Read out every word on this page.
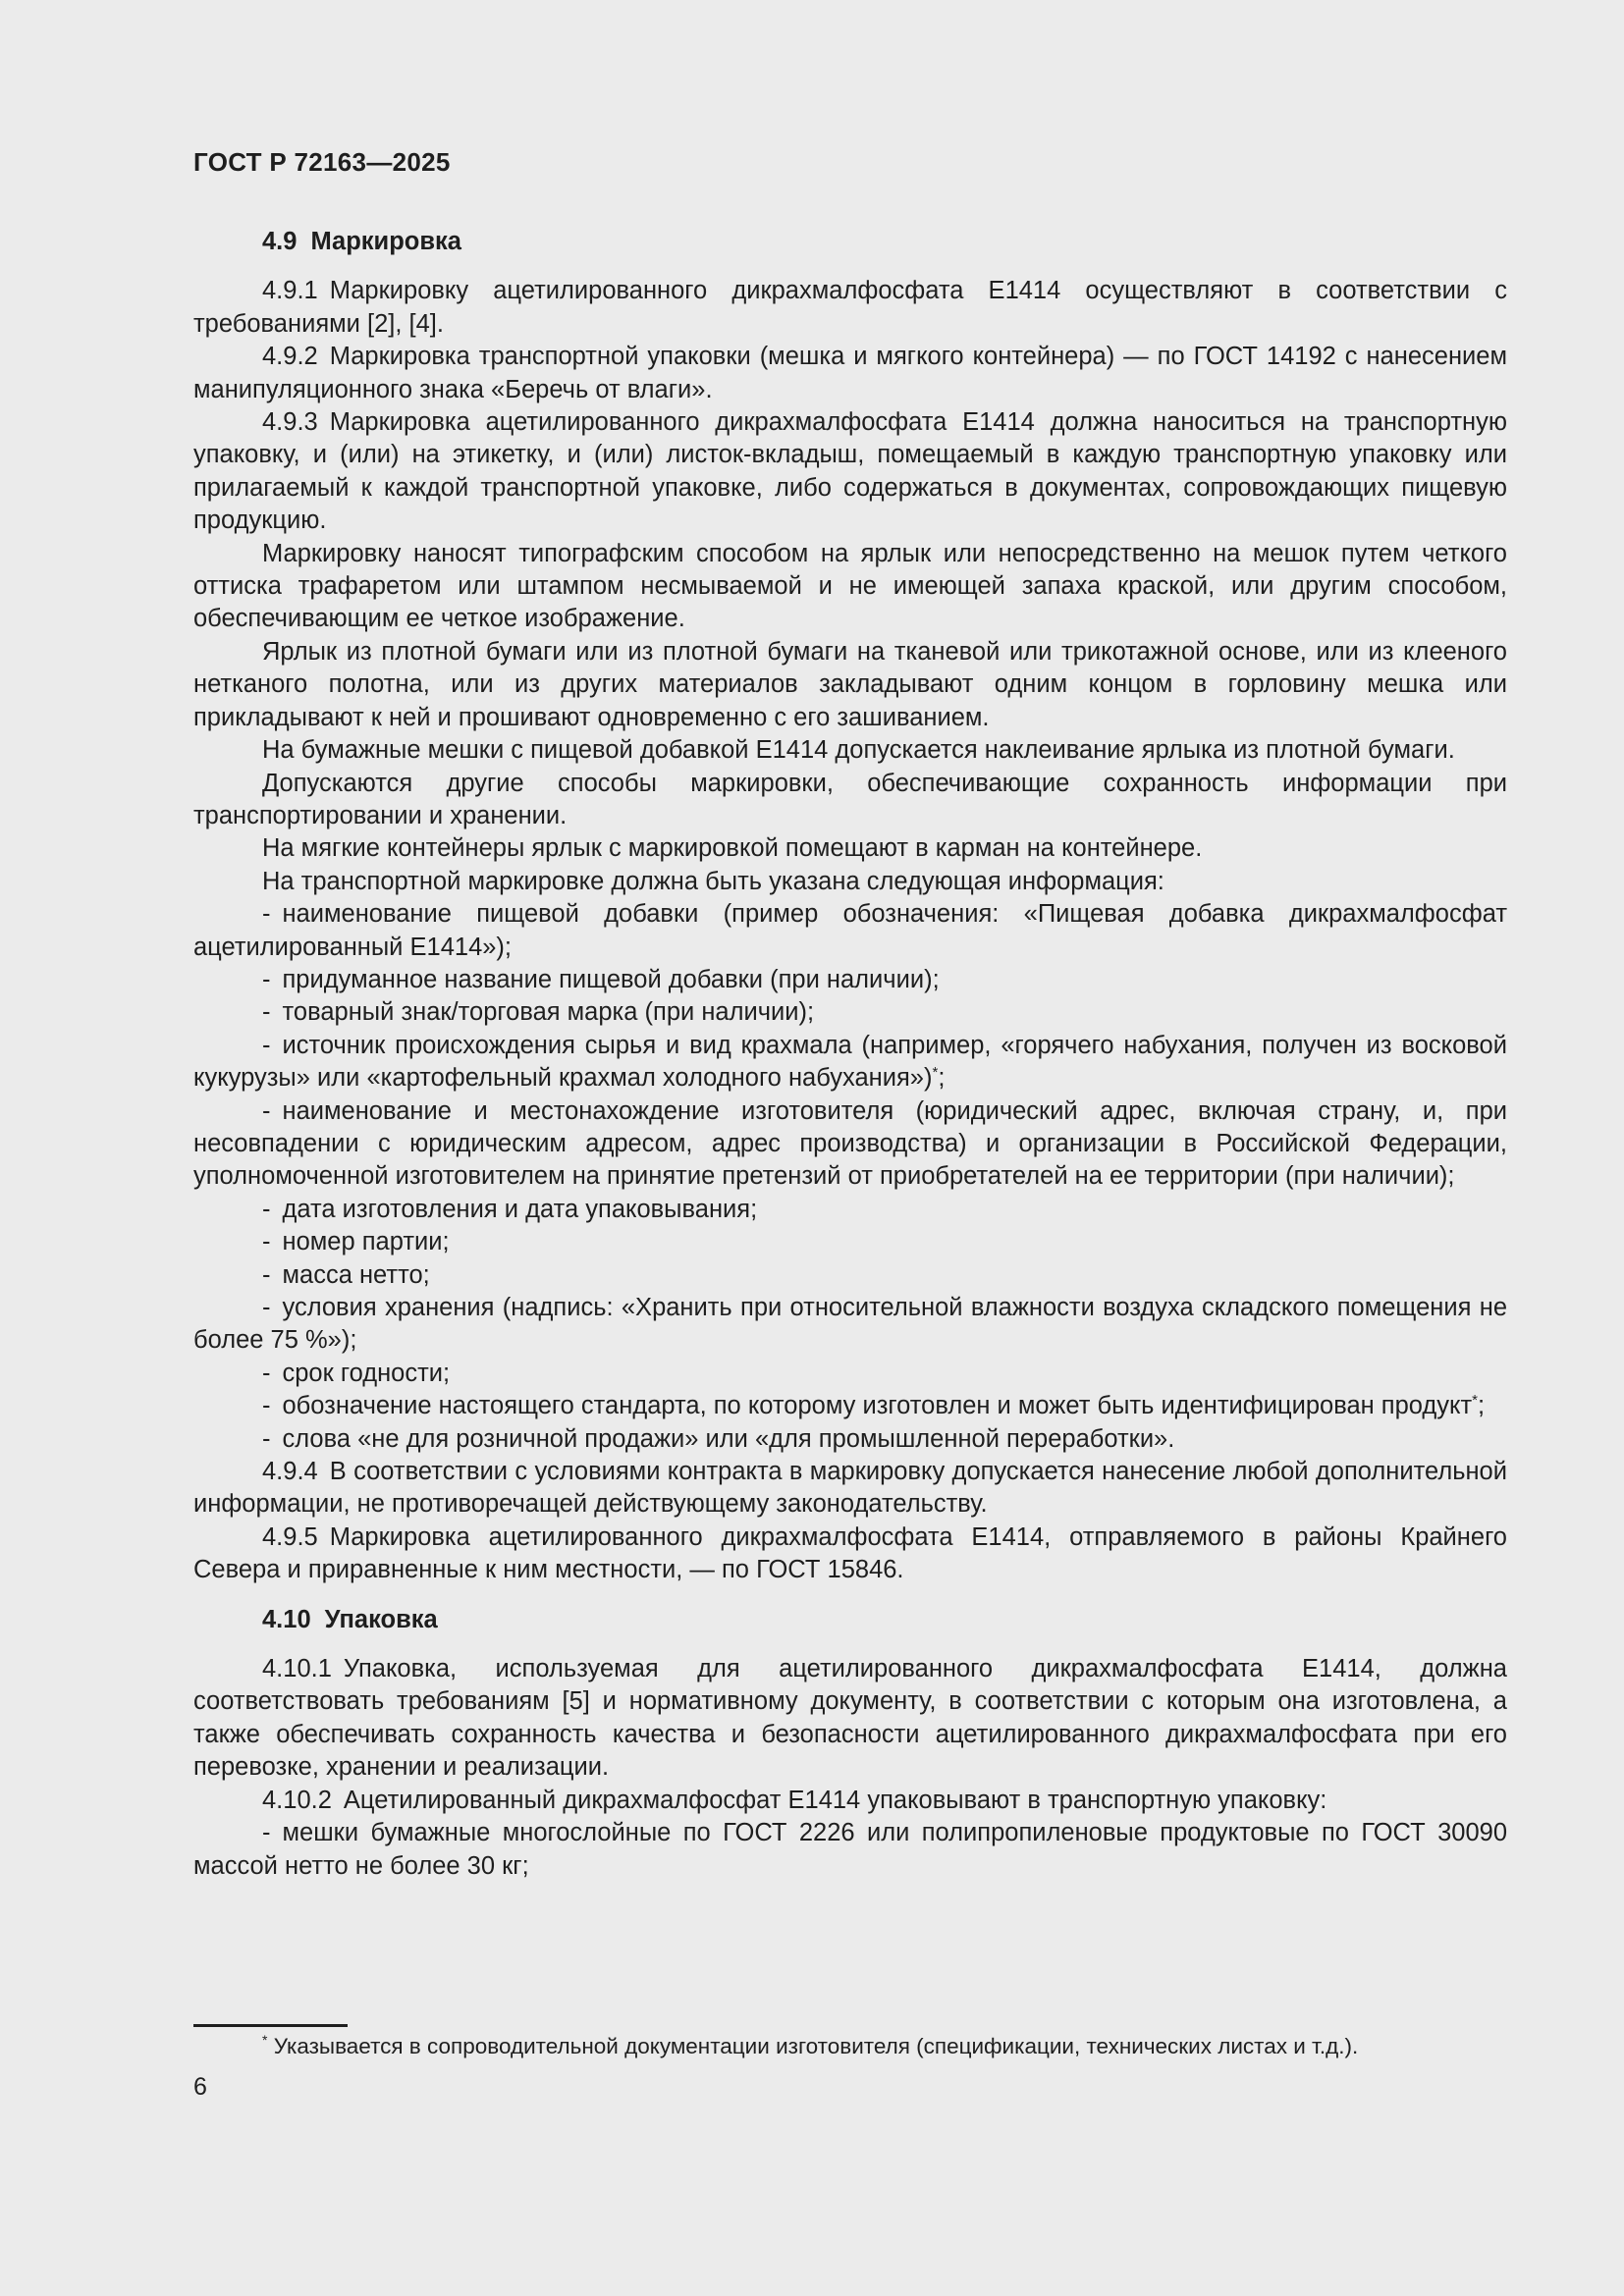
ГОСТ Р 72163—2025
4.9 Маркировка

4.9.1 Маркировку ацетилированного дикрахмалфосфата Е1414 осуществляют в соответствии с требованиями [2], [4].

4.9.2 Маркировка транспортной упаковки (мешка и мягкого контейнера) — по ГОСТ 14192 с нанесением манипуляционного знака «Беречь от влаги».

4.9.3 Маркировка ацетилированного дикрахмалфосфата Е1414 должна наноситься на транспортную упаковку, и (или) на этикетку, и (или) листок-вкладыш, помещаемый в каждую транспортную упаковку или прилагаемый к каждой транспортной упаковке, либо содержаться в документах, сопровождающих пищевую продукцию.

Маркировку наносят типографским способом на ярлык или непосредственно на мешок путем четкого оттиска трафаретом или штампом несмываемой и не имеющей запаха краской, или другим способом, обеспечивающим ее четкое изображение.

Ярлык из плотной бумаги или из плотной бумаги на тканевой или трикотажной основе, или из клееного нетканого полотна, или из других материалов закладывают одним концом в горловину мешка или прикладывают к ней и прошивают одновременно с его зашиванием.

На бумажные мешки с пищевой добавкой Е1414 допускается наклеивание ярлыка из плотной бумаги.

Допускаются другие способы маркировки, обеспечивающие сохранность информации при транспортировании и хранении.

На мягкие контейнеры ярлык с маркировкой помещают в карман на контейнере.

На транспортной маркировке должна быть указана следующая информация:

- наименование пищевой добавки (пример обозначения: «Пищевая добавка дикрахмалфосфат ацетилированный Е1414»);

- придуманное название пищевой добавки (при наличии);

- товарный знак/торговая марка (при наличии);

- источник происхождения сырья и вид крахмала (например, «горячего набухания, получен из восковой кукурузы» или «картофельный крахмал холодного набухания»)*;

- наименование и местонахождение изготовителя (юридический адрес, включая страну, и, при несовпадении с юридическим адресом, адрес производства) и организации в Российской Федерации, уполномоченной изготовителем на принятие претензий от приобретателей на ее территории (при наличии);

- дата изготовления и дата упаковывания;

- номер партии;

- масса нетто;

- условия хранения (надпись: «Хранить при относительной влажности воздуха складского помещения не более 75 %»);

- срок годности;

- обозначение настоящего стандарта, по которому изготовлен и может быть идентифицирован продукт*;

- слова «не для розничной продажи» или «для промышленной переработки».

4.9.4 В соответствии с условиями контракта в маркировку допускается нанесение любой дополнительной информации, не противоречащей действующему законодательству.

4.9.5 Маркировка ацетилированного дикрахмалфосфата Е1414, отправляемого в районы Крайнего Севера и приравненные к ним местности, — по ГОСТ 15846.

4.10 Упаковка

4.10.1 Упаковка, используемая для ацетилированного дикрахмалфосфата Е1414, должна соответствовать требованиям [5] и нормативному документу, в соответствии с которым она изготовлена, а также обеспечивать сохранность качества и безопасности ацетилированного дикрахмалфосфата при его перевозке, хранении и реализации.

4.10.2 Ацетилированный дикрахмалфосфат Е1414 упаковывают в транспортную упаковку:

- мешки бумажные многослойные по ГОСТ 2226 или полипропиленовые продуктовые по ГОСТ 30090 массой нетто не более 30 кг;

* Указывается в сопроводительной документации изготовителя (спецификации, технических листах и т.д.).
6
